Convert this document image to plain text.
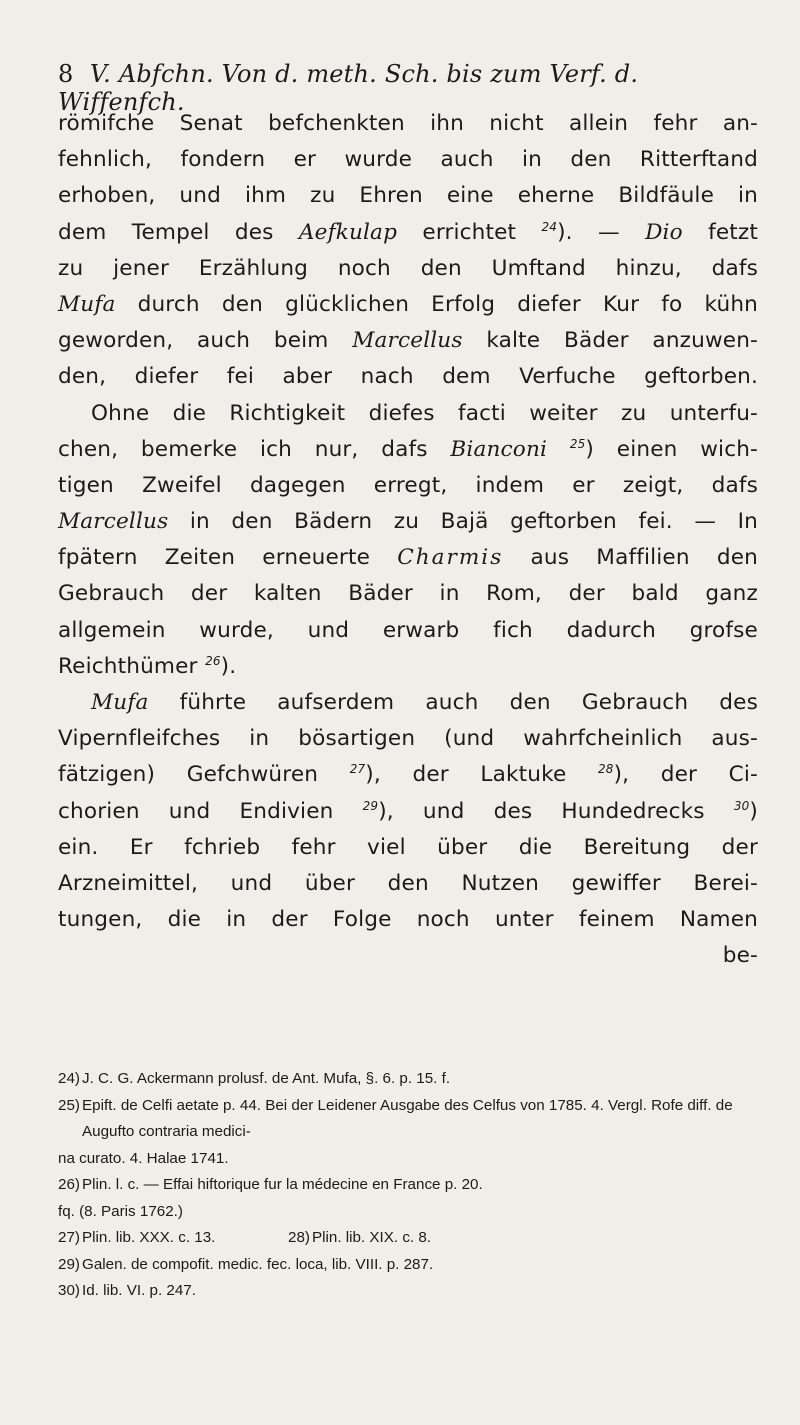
8 V. Abfchn. Von d. meth. Sch. bis zum Verf. d. Wiffenfch.
römifche Senat befchenkten ihn nicht allein fehr an-
fehnlich, fondern er wurde auch in den Ritterftand
erhoben, und ihm zu Ehren eine eherne Bildfäule in
dem Tempel des Aefkulap errichtet $^{24}$). — Dio fetzt
zu jener Erzählung noch den Umftand hinzu, dafs
Mufa durch den glücklichen Erfolg diefer Kur fo kühn
geworden, auch beim Marcellus kalte Bäder anzuwen-
den, diefer fei aber nach dem Verfuche geftorben.
Ohne die Richtigkeit diefes facti weiter zu unterfu-
chen, bemerke ich nur, dafs Bianconi $^{25}$) einen wich-
tigen Zweifel dagegen erregt, indem er zeigt, dafs
Marcellus in den Bädern zu Bajä geftorben fei. — In
fpätern Zeiten erneuerte Charmis aus Maffilien den
Gebrauch der kalten Bäder in Rom, der bald ganz
allgemein wurde, und erwarb fich dadurch grofse
Reichthümer $^{26}$).
Mufa führte aufserdem auch den Gebrauch des
Vipernfleifches in bösartigen (und wahrfcheinlich aus-
fätzigen) Gefchwüren $^{27}$), der Laktuke $^{28}$), der Ci-
chorien und Endivien $^{29}$), und des Hundedrecks $^{30}$)
ein. Er fchrieb fehr viel über die Bereitung der
Arzneimittel, und über den Nutzen gewiffer Berei-
tungen, die in der Folge noch unter feinem Namen
be-
24) J. C. G. Ackermann prolusf. de Ant. Mufa, §. 6. p. 15. f.
25) Epift. de Celfi aetate p. 44. Bei der Leidener Ausgabe des Celfus von 1785. 4. Vergl. Rofe diff. de Augufto contraria medici-
na curato. 4. Halae 1741.
26) Plin. l. c. — Effai hiftorique fur la médecine en France p. 20.
fq. (8. Paris 1762.)
27) Plin. lib. XXX. c. 13.	28) Plin. lib. XIX. c. 8.
29) Galen. de compofit. medic. fec. loca, lib. VIII. p. 287.
30) Id. lib. VI. p. 247.
